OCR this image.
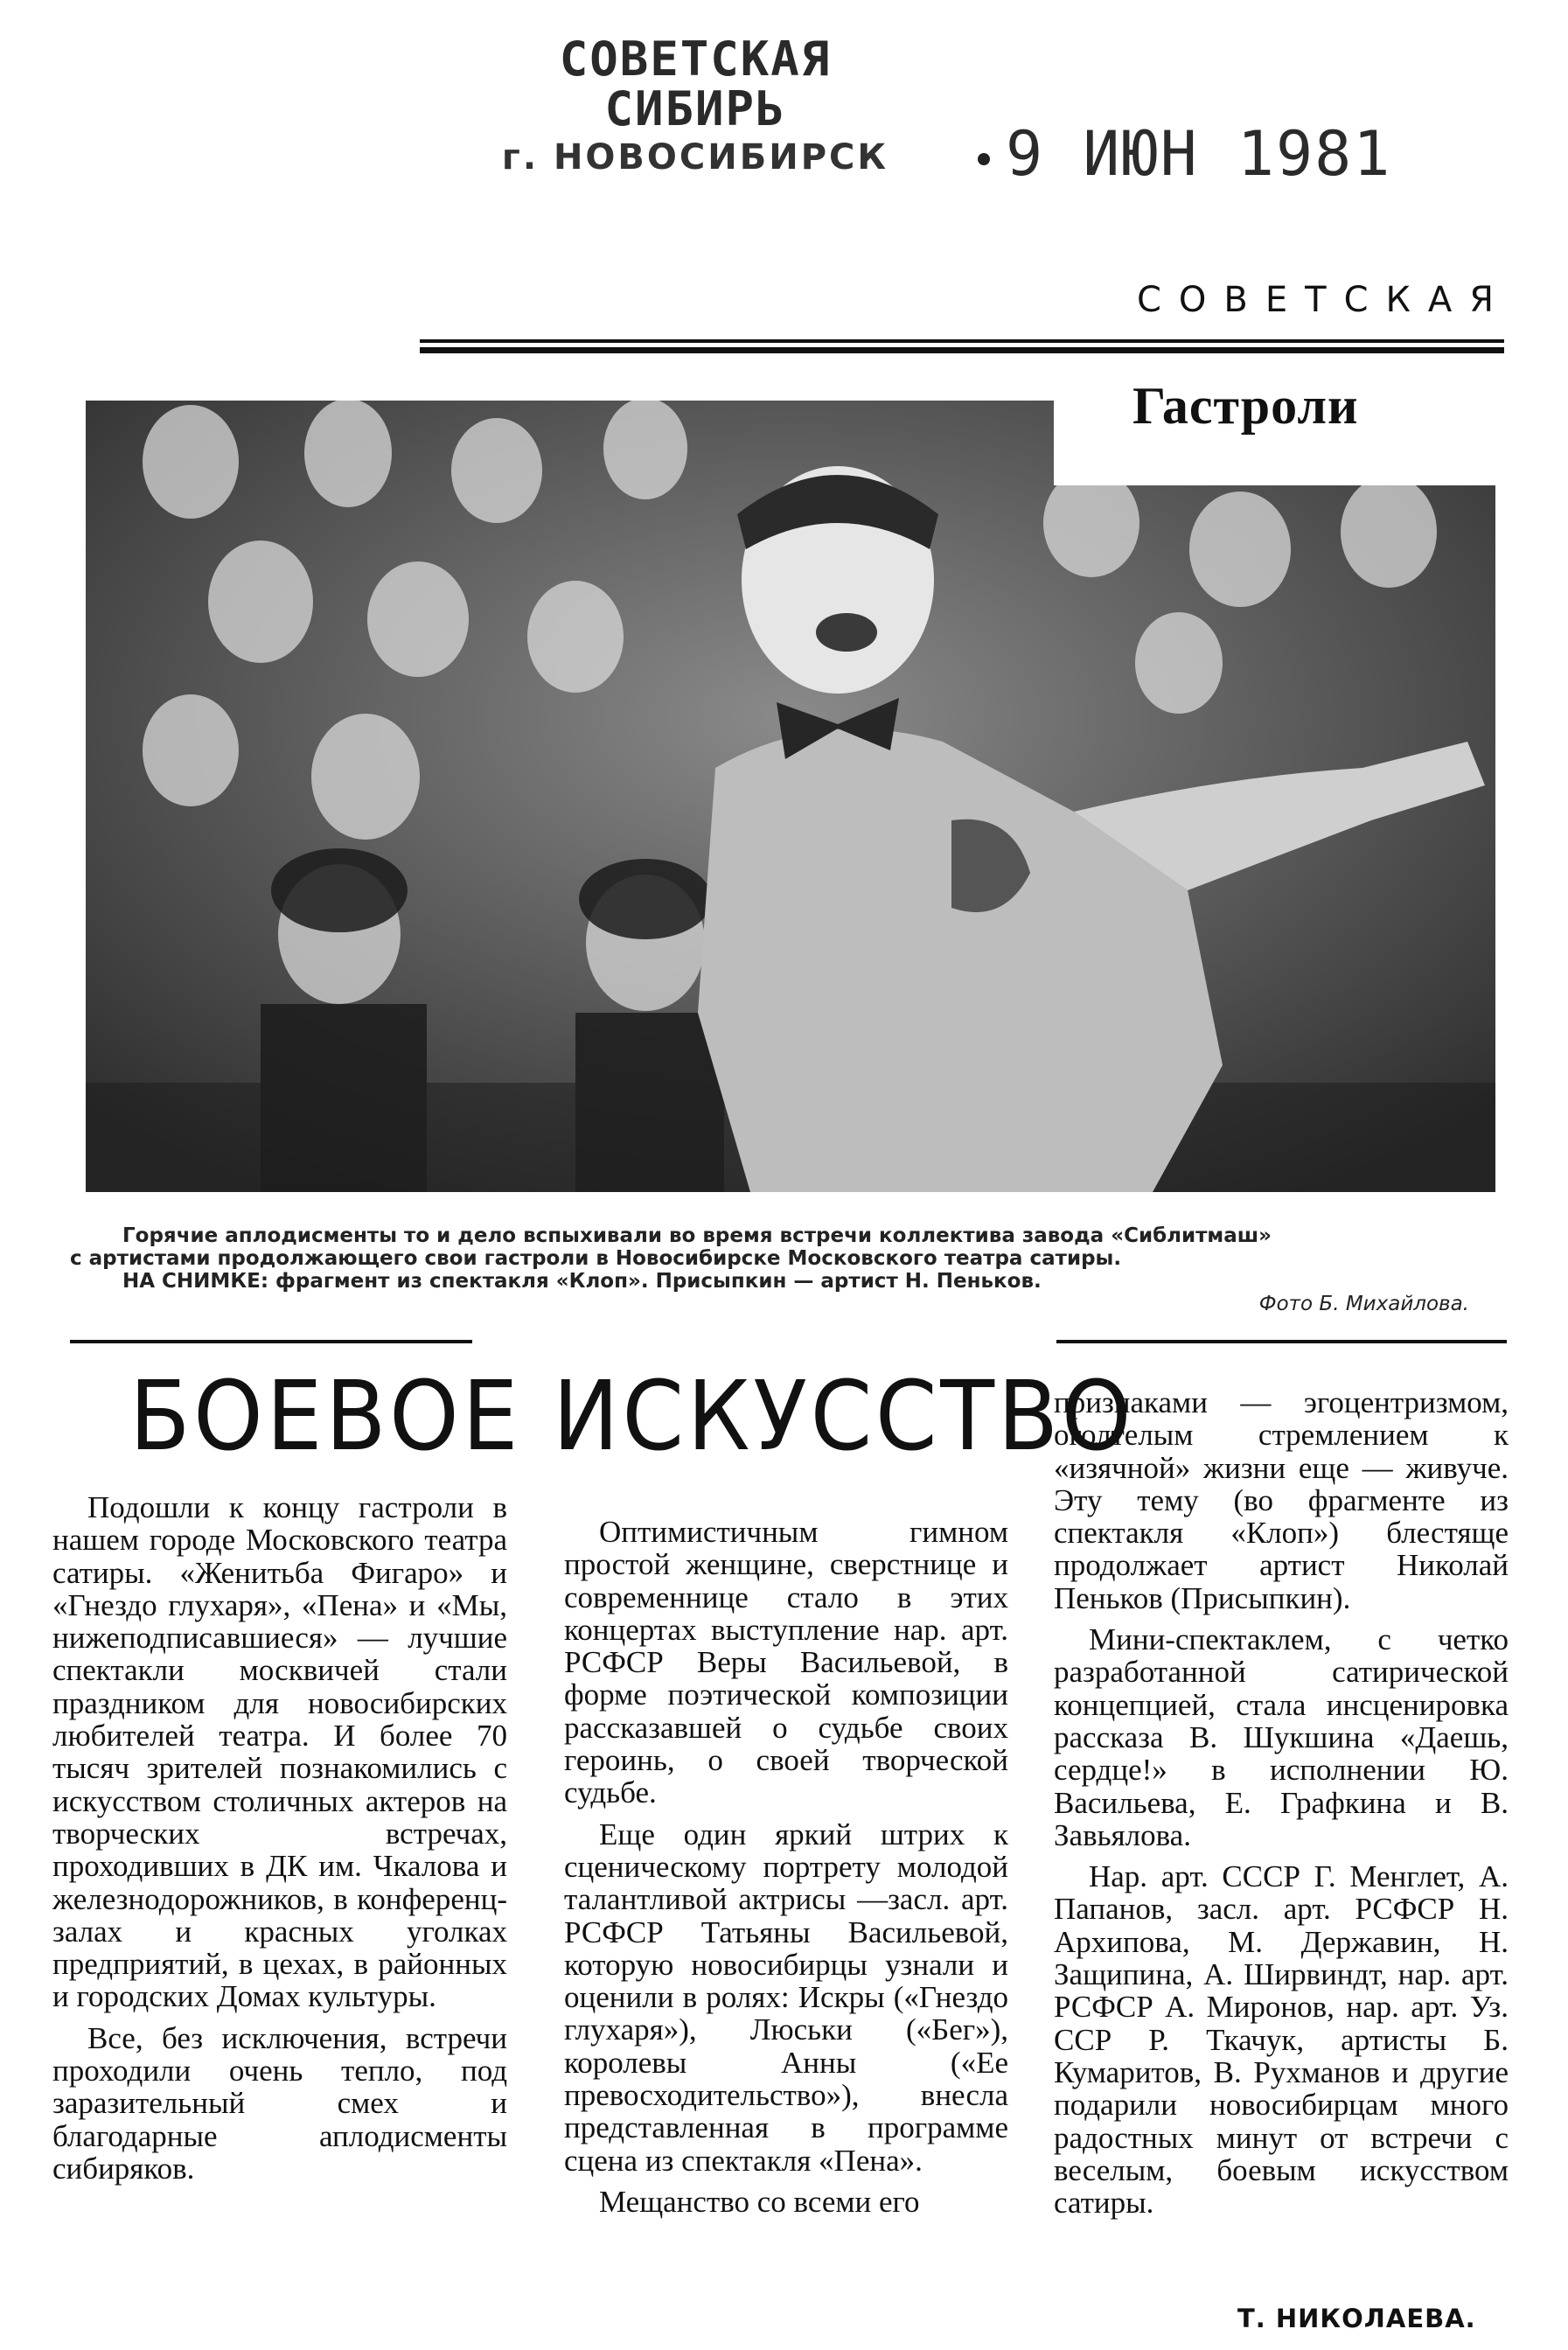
СОВЕТСКАЯ СИБИРЬ
г. НОВОСИБИРСК 9 ИЮН 1981
СОВЕТСКАЯ
Гастроли
Горячие аплодисменты то и дело вспыхивали во время встречи коллектива завода «Сиблитмаш»
с артистами продолжающего свои гастроли в Новосибирске Московского театра сатиры.
НА СНИМКЕ: фрагмент из спектакля «Клоп». Присыпкин — артист Н. Пеньков.
Фото Б. Михайлова.
БОЕВОЕ ИСКУССТВО

Подошли к концу гастроли в нашем городе Московского театра сатиры. «Женитьба Фигаро» и «Гнездо глухаря», «Пена» и «Мы, нижеподписавшиеся» — лучшие спектакли москвичей стали праздником для новосибирских любителей театра. И более 70 тысяч зрителей познакомились с искусством столичных актеров на творческих встречах, проходивших в ДК им. Чкалова и железнодорожников, в конференц-залах и красных уголках предприятий, в цехах, в районных и городских Домах культуры.

Все, без исключения, встречи проходили очень тепло, под заразительный смех и благодарные аплодисменты сибиряков.

Оптимистичным гимном простой женщине, сверстнице и современнице стало в этих концертах выступление нар. арт. РСФСР Веры Васильевой, в форме поэтической композиции рассказавшей о судьбе своих героинь, о своей творческой судьбе.

Еще один яркий штрих к сценическому портрету молодой талантливой актрисы —засл. арт. РСФСР Татьяны Васильевой, которую новосибирцы узнали и оценили в ролях: Искры («Гнездо глухаря»), Люськи («Бег»), королевы Анны («Ее превосходительство»), внесла представленная в программе сцена из спектакля «Пена».

Мещанство со всеми его

признаками — эгоцентризмом, оголтелым стремлением к «изячной» жизни еще — живуче. Эту тему (во фрагменте из спектакля «Клоп») блестяще продолжает артист Николай Пеньков (Присыпкин).

Мини-спектаклем, с четко разработанной сатирической концепцией, стала инсценировка рассказа В. Шукшина «Даешь, сердце!» в исполнении Ю. Васильева, Е. Графкина и В. Завьялова.

Нар. арт. СССР Г. Менглет, А. Папанов, засл. арт. РСФСР Н. Архипова, М. Державин, Н. Защипина, А. Ширвиндт, нар. арт. РСФСР А. Миронов, нар. арт. Уз. ССР Р. Ткачук, артисты Б. Кумаритов, В. Рухманов и другие подарили новосибирцам много радостных минут от встречи с веселым, боевым искусством сатиры.

Т. НИКОЛАЕВА.
